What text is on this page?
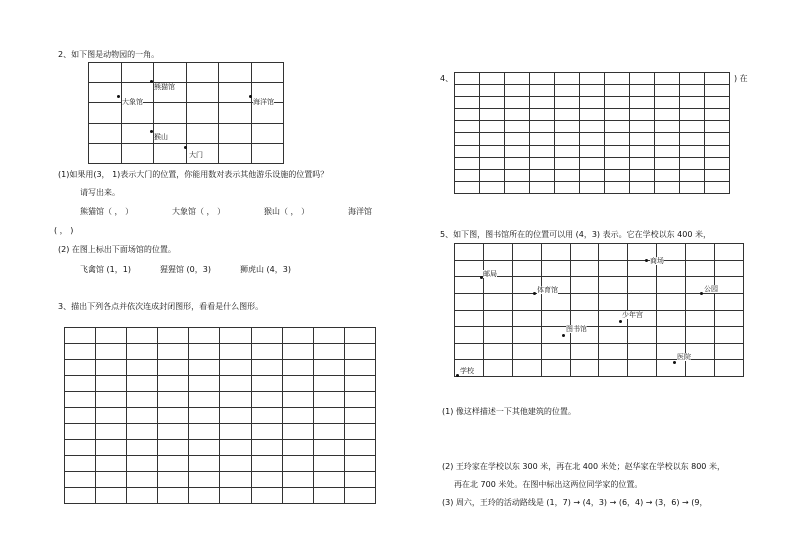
2、如下图是动物园的一角。

熊猫馆
大象馆	海洋馆
猴山
大门
(1)如果用(3， 1)表示大门的位置，你能用数对表示其他游乐设施的位置吗？
请写出来。
熊猫馆（ ， ）	大象馆（ ， ）	猴山（ ， ）	海洋馆
( ， )
(2) 在图上标出下面场馆的位置。
飞禽馆 (1，1)	猩猩馆 (0，3)	狮虎山 (4，3)
3、描出下列各点并依次连成封闭图形，看看是什么图形。

4、

											) 在
5、如下图，图书馆所在的位置可以用 (4，3) 表示。它在学校以东 400 米，

邮局
商场
体育馆	公园
少年宫
图书馆
医院
学校
(1) 像这样描述一下其他建筑的位置。
(2) 王玲家在学校以东 300 米，再在北 400 米处；赵华家在学校以东 800 米，
再在北 700 米处。在图中标出这两位同学家的位置。
(3) 周六，王玲的活动路线是 (1，7) → (4，3) → (6，4) → (3，6) → (9，
